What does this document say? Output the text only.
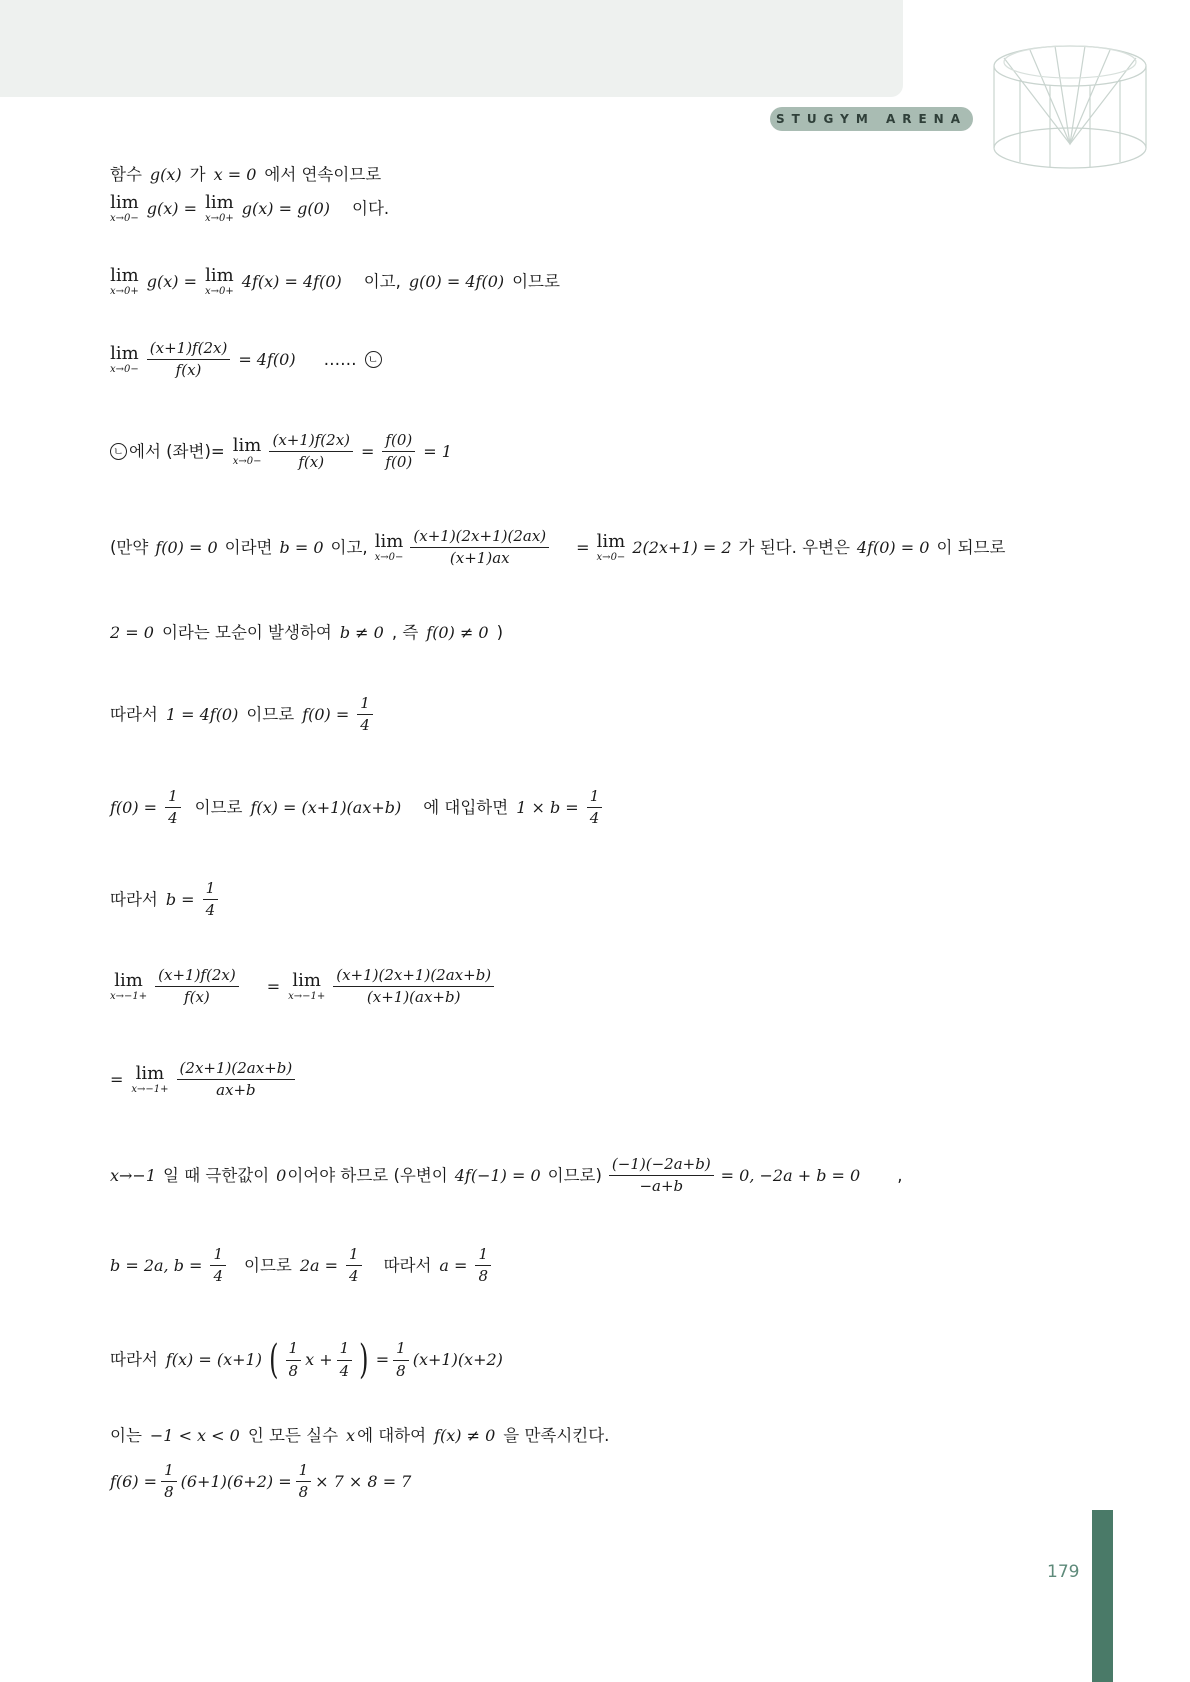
STUGYM ARENA
함수 g(x) 가 x = 0 에서 연속이므로
lim
x→0−
g(x) = lim
x→0+
g(x) = g(0) 이다.
lim
x→0+
g(x) = lim
x→0+
4f(x) = 4f(0) 이고, g(0) = 4f(0) 이므로
lim
$x\to 0- \frac{(x+1)f(2x)}{f(x)} = 4f(0)$ …… ㄴ
ㄴ 에서 (좌변)= lim
$x\to 0- \frac{(x+1)f(2x)}{f(x)} = \frac{f(0)}{f(0)} = 1$
(만약 f(0) = 0 이라면 b = 0 이고, lim
$x\to 0- \frac{(x+1)(2x+1)(2ax)}{(x+1)ax} = \lim$
x→0−
2(2x+1) = 2 가 된다. 우변은 4f(0) = 0 이 되므로
2 = 0 이라는 모순이 발생하여 b ≠ 0 , 즉 f(0) ≠ 0 )
따라서 1 = 4f(0) 이므로 $f(0) = \frac{1}{4}$
$f(0) = \frac{1}{4}$ 이므로 f(x) = (x+1)(ax+b) 에 대입하면 $1 \times b = \frac{1}{4}$
따라서 $b = \frac{1}{4}$
lim
$x\to-1+ \frac{(x+1)f(2x)}{f(x)} = \lim$
$x\to-1+ \frac{(x+1)(2x+1)(2ax+b)}{(x+1)(ax+b)}$
= lim
$x\to-1+ \frac{(2x+1)(2ax+b)}{ax+b}$
x→−1 일 때 극한값이 0 이어야 하므로 (우변이 4f(−1) = 0 이므로) $\frac{(-1)(-2a+b)}{-a+b} = 0$, −2a + b = 0 ,
b = 2a, $b = \frac{1}{4}$ 이므로 $2a = \frac{1}{4}$ 따라서 $a = \frac{1}{8}$
따라서 f(x) = (x+1) ( $\frac{1}{8}$ $x + \frac{1}{4}$ ) = $\frac{1}{8} (x+1)(x+2)$
이는 −1 < x < 0 인 모든 실수 x 에 대하여 f(x) ≠ 0 을 만족시킨다.
$f(6) = \frac{1}{8} (6+1)(6+2) = \frac{1}{8} \times 7 \times 8 = 7$
179
